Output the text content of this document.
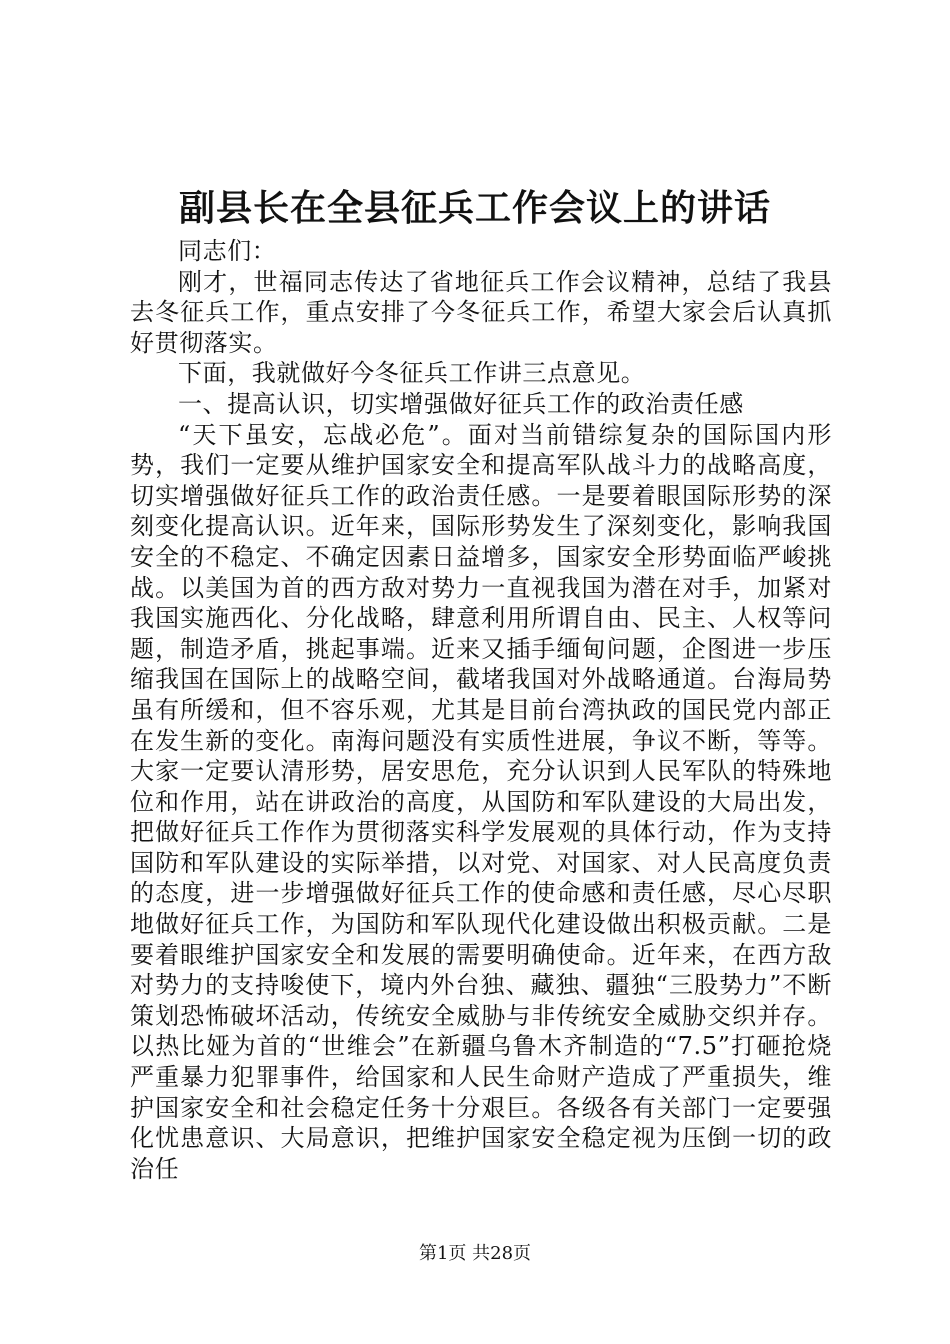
副县长在全县征兵工作会议上的讲话

同志们：

刚才，世福同志传达了省地征兵工作会议精神，总结了我县去冬征兵工作，重点安排了今冬征兵工作，希望大家会后认真抓好贯彻落实。

下面，我就做好今冬征兵工作讲三点意见。

一、提高认识，切实增强做好征兵工作的政治责任感

“天下虽安，忘战必危”。面对当前错综复杂的国际国内形势，我们一定要从维护国家安全和提高军队战斗力的战略高度，切实增强做好征兵工作的政治责任感。一是要着眼国际形势的深刻变化提高认识。近年来，国际形势发生了深刻变化，影响我国安全的不稳定、不确定因素日益增多，国家安全形势面临严峻挑战。以美国为首的西方敌对势力一直视我国为潜在对手，加紧对我国实施西化、分化战略，肆意利用所谓自由、民主、人权等问题，制造矛盾，挑起事端。近来又插手缅甸问题，企图进一步压缩我国在国际上的战略空间，截堵我国对外战略通道。台海局势虽有所缓和，但不容乐观，尤其是目前台湾执政的国民党内部正在发生新的变化。南海问题没有实质性进展，争议不断，等等。大家一定要认清形势，居安思危，充分认识到人民军队的特殊地位和作用，站在讲政治的高度，从国防和军队建设的大局出发，把做好征兵工作作为贯彻落实科学发展观的具体行动，作为支持国防和军队建设的实际举措，以对党、对国家、对人民高度负责的态度，进一步增强做好征兵工作的使命感和责任感，尽心尽职地做好征兵工作，为国防和军队现代化建设做出积极贡献。二是要着眼维护国家安全和发展的需要明确使命。近年来，在西方敌对势力的支持唆使下，境内外台独、藏独、疆独“三股势力”不断策划恐怖破坏活动，传统安全威胁与非传统安全威胁交织并存。以热比娅为首的“世维会”在新疆乌鲁木齐制造的“7.5”打砸抢烧严重暴力犯罪事件，给国家和人民生命财产造成了严重损失，维护国家安全和社会稳定任务十分艰巨。各级各有关部门一定要强化忧患意识、大局意识，把维护国家安全稳定视为压倒一切的政治任

第1页 共28页
